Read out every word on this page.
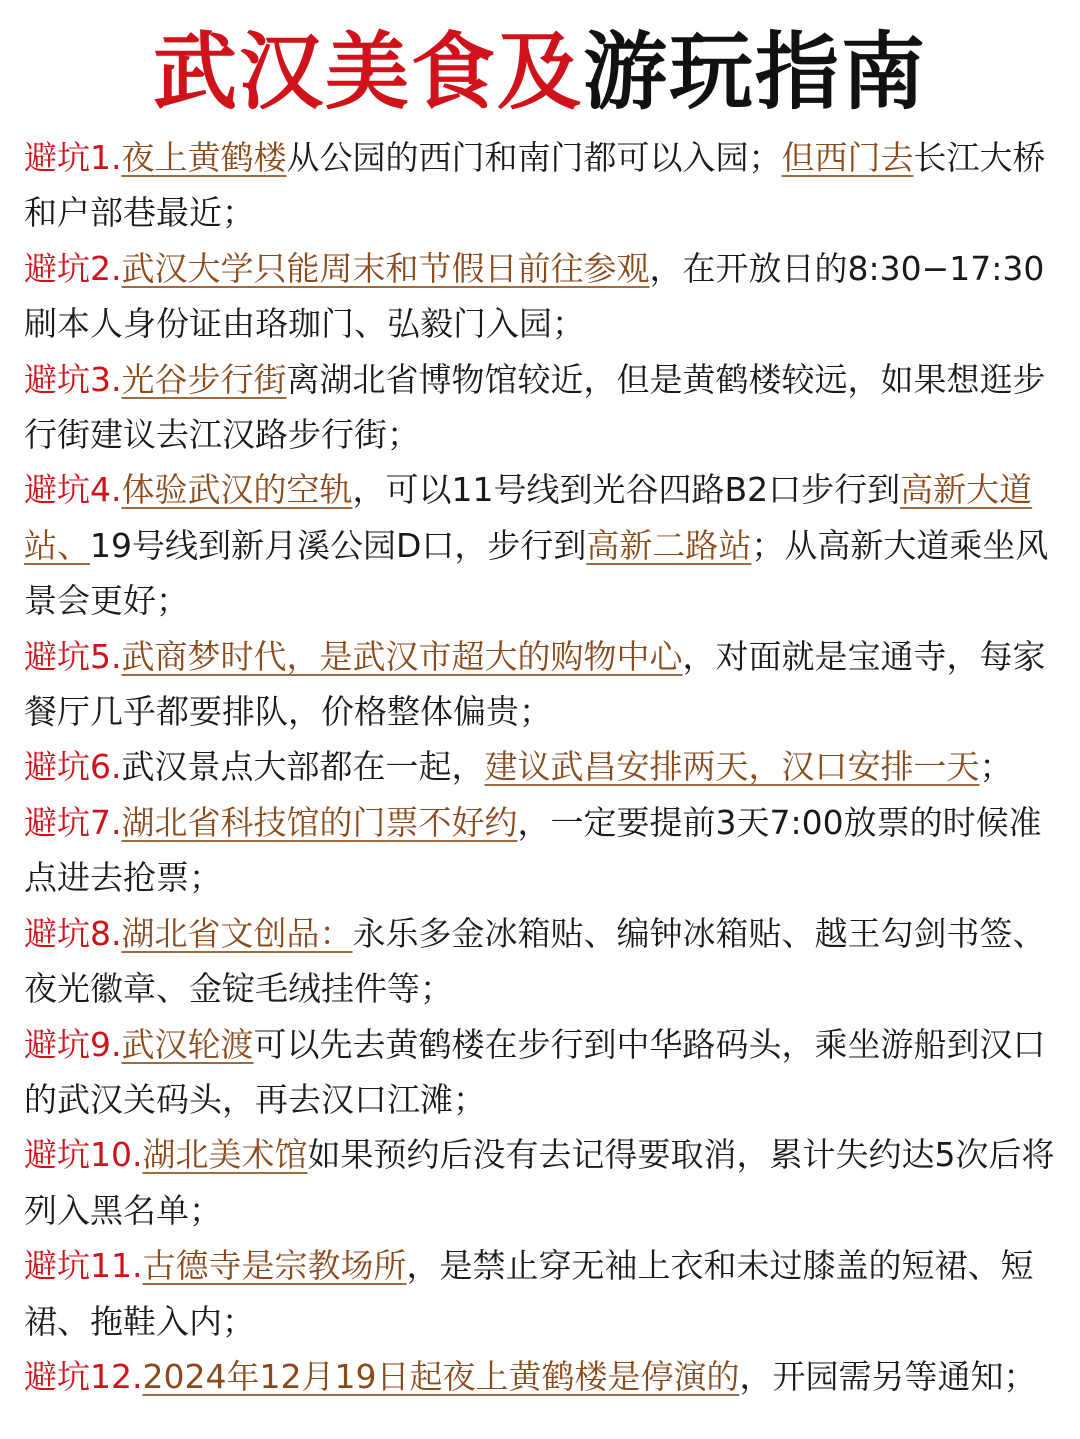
武汉美食及游玩指南
避坑1.夜上黄鹤楼从公园的西门和南门都可以入园；但西门去长江大桥和户部巷最近；
避坑2.武汉大学只能周末和节假日前往参观，在开放日的8:30−17:30刷本人身份证由珞珈门、弘毅门入园；
避坑3.光谷步行街离湖北省博物馆较近，但是黄鹤楼较远，如果想逛步行街建议去江汉路步行街；
避坑4.体验武汉的空轨，可以11号线到光谷四路B2口步行到高新大道站、19号线到新月溪公园D口，步行到高新二路站；从高新大道乘坐风景会更好；
避坑5.武商梦时代，是武汉市超大的购物中心，对面就是宝通寺，每家餐厅几乎都要排队，价格整体偏贵；
避坑6.武汉景点大部都在一起，建议武昌安排两天，汉口安排一天；
避坑7.湖北省科技馆的门票不好约，一定要提前3天7:00放票的时候准点进去抢票；
避坑8.湖北省文创品：永乐多金冰箱贴、编钟冰箱贴、越王勾剑书签、夜光徽章、金锭毛绒挂件等；
避坑9.武汉轮渡可以先去黄鹤楼在步行到中华路码头，乘坐游船到汉口的武汉关码头，再去汉口江滩；
避坑10.湖北美术馆如果预约后没有去记得要取消，累计失约达5次后将列入黑名单；
避坑11.古德寺是宗教场所，是禁止穿无袖上衣和未过膝盖的短裙、短裙、拖鞋入内；
避坑12.2024年12月19日起夜上黄鹤楼是停演的，开园需另等通知；
